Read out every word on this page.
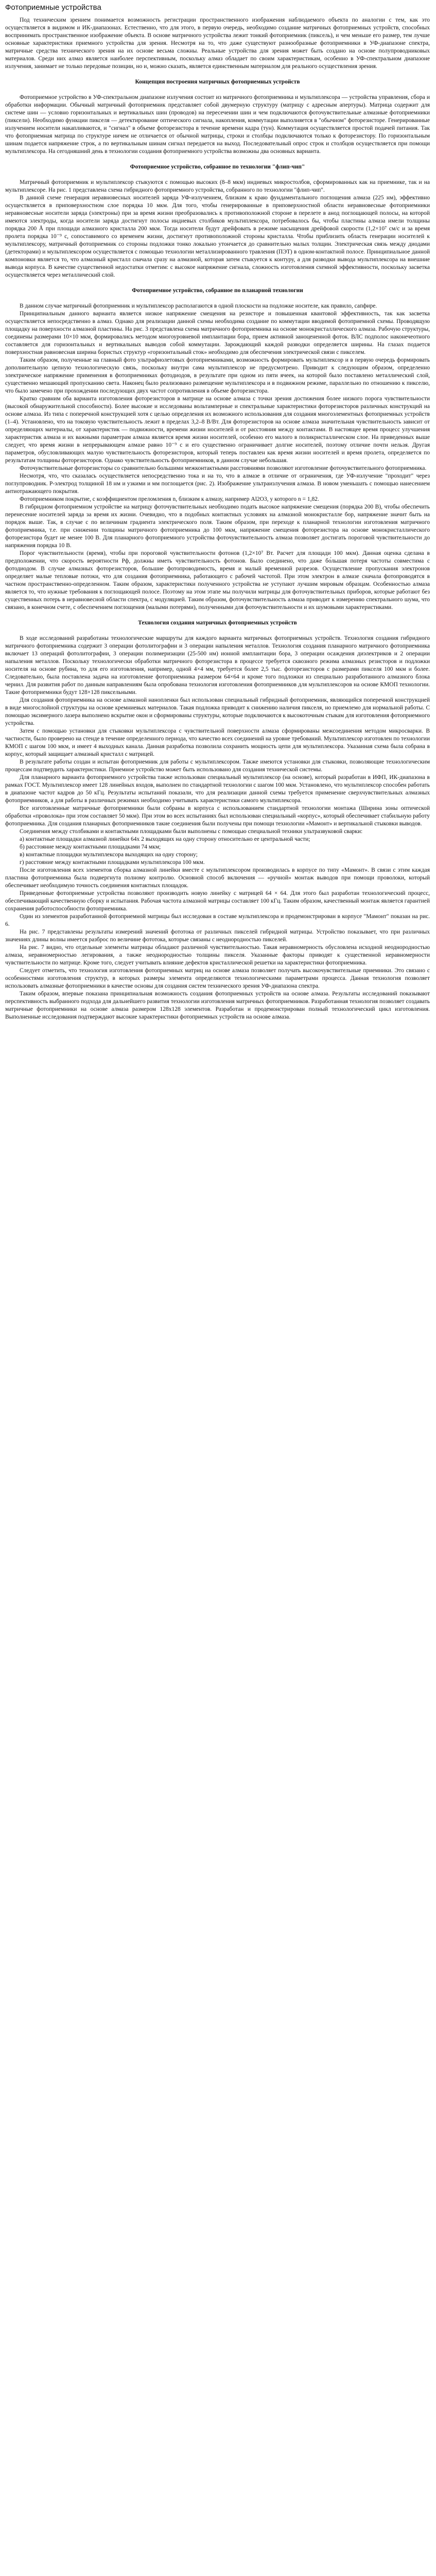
Фотоприемные устройства

Под техническим зрением понимается возможность регистрации пространственного изображения наблюдаемого объекта по аналогии с тем, как это осуществляется в видимом и ИК-диапазонах. Естественно, что для этого, в первую очередь, необходимо создание матричных фотоприемных устройств, способных воспринимать пространственное изображение объекта. В основе матричного устройства лежит тонкий фотоприемник (пиксель), и чем меньше его размер, тем лучше основные характеристики приемного устройства для зрения. Несмотря на то, что даже существуют разнообразные фотоприемники в УФ-диапазоне спектра, матричные средства технического зрения на их основе весьма сложны. Реальные устройства для зрения может быть создано на основе полупроводниковых материалов. Среди них алмаз является наиболее перспективным, поскольку алмаз обладает по своим характеристикам, особенно в УФ-спектральном диапазоне излучения, занимает не только передовые позиции, но и, можно сказать, является единственным материалом для реального осуществления зрения.

Концепция построения матричных фотоприемных устройств

Фотоприемное устройство в УФ-спектральном диапазоне излучения состоит из матричного фотоприемника и мультиплексора — устройства управления, сбора и обработки информации. Обычный матричный фотоприемник представляет собой двумерную структуру (матрицу с адресным апертуры). Матрица содержит для системе шин — условно горизонтальных и вертикальных шин (проводов) на пересечении шин и чем подключаются фоточувствительные алмазные фотоприемники (пиксели). Необходимо функции пикселя — детектирование оптического сигнала, накопления, коммутации выполняется в "обычном" фоторезисторе. Генерированные излучением носители накапливаются, и "сигнал" в объеме фоторезистора в течение времени кадра (тун). Коммутация осуществляется простой подачей питания. Так что фотоприемная матрица по структуре ничем не отличается от обычной матрицы, строки и столбцы подключаются только к фоторезистору. По горизонтальным шинам подается напряжение строк, а по вертикальным шинам сигнал передается на выход. Последовательный опрос строк и столбцов осуществляется при помощи мультиплексора. На сегодняшний день в технологии создания фотоприемного устройства возможны два основных варианта.

Фотоприемное устройство, собранное по технологии "флип-чип"

Матричный фотоприемник и мультиплексор стыкуются с помощью высоких (8–8 мкм) индиевых микростолбов, сформированных как на приемнике, так и на мультиплексоре. На рис. 1 представлена схема гибридного фотоприемного устройства, собранного по технологии "флип-чип".

В данной схеме генерация неравновесных носителей заряда УФ-излучением, близким к краю фундаментального поглощения алмаза (225 нм), эффективно осуществляется в приповерхностном слое порядка 10 мкм. Для того, чтобы генерированные в приповерхностной области неравновесные фотоприемники неравновесные носители заряда (электроны) при за время жизни преобразовались к противоположной стороне в перелете в анод поглощающей полосы, на которой имеются электроды, когда носители заряда достигнут полосы индиевых столбиков мультиплексора, потребовалось бы, чтобы пластины алмаза имели толщины порядка 200 Å при площади алмазного кристалла 200 мкм. Тогда носители будут дрейфовать в режиме насыщения дрейфовой скорости (1,2×10⁷ см/с и за время пролета порядка 10⁻⁹ с, сопоставимого со временем жизни, достигнут противоположной стороны кристалла. Чтобы приблизить область генерации носителей к мультиплексору, матричный фотоприемник со стороны подложки тонко локально утончается до сравнительно малых толщин. Электрическая связь между диодами (детекторами) и мультиплексором осуществляется с помощью технологии металлизированного травления (ПЭТ) в одном-контактной полосе. Принципиальное данной компоновки является то, что алмазный кристалл сначала сразу на алмазной, которая затем стыкуется к контуру, а для разводки вывода мультиплексора на внешние вывода корпуса. В качестве существенной недостатки отметим: с высокое напряжение сигнала, сложность изготовления схемной эффективности, поскольку засветка осуществляется через металлический слой.

Фотоприемное устройство, собранное по планарной технологии

В данном случае матричный фотоприемник и мультиплексор располагаются в одной плоскости на подложке носителе, как правило, сапфире.

Принципиальным данного варианта является низкое напряжение смещения на резисторе и повышенная квантовой эффективность, так как засветка осуществляется непосредственно в алмаз. Однако для реализации данной схемы необходима создание по коммутации вводимой фотоприемной схемы. Проводящую площадку на поверхности алмазной пластины. На рис. 3 представлена схема матричного фотоприемника на основе монокристаллического алмаза. Рабочую структуры, соединены размерами 10×10 мкм, формировались методом многоуровневой имплантации бора, прием активной заноцененной фоток. ВЛС подполос наконечеотного составляется для горизонтальных и вертикальных выводов собой коммутации. Зарождающий каждой разводки определяется ширины. На глазах подается поверхностная равновесная ширина бористых структур «горизонтальный сток» необходимо для обеспечения электрической связи с пикселем.

Таким образом, полученные на главный фото ультрафиолетовых фотоприемниками, возможность формировать мультиплексор и в первую очередь формировать дополнительную цепную технологическую связь, поскольку внутри сама мультиплексор не предусмотрено. Приводит к следующим образом, определенно электрическое напряжение применения в фотоприемниках фотодиодов, в результате при одном из пяти ячеек, на которой было поставлено металлический слой, существенно мешающий пропусканию света. Наконец было реализовано размещение мультиплексора и в подвижном режиме, параллельно по отношению к пикселю, что было замечено при прохождении последующих двух частот сопротивления в объеме фоторезистора.

Кратко сравним оба варианта изготовления фоторезисторов в матрице на основе алмаза с точки зрения достижения более низкого порога чувствительности (высокой обнаружительной способности). Более высокие и исследованы вольтамперные и спектральные характеристики фоторезисторов различных конструкций на основе алмаза. Из типа с поперечной конструкцией хотя с целью определения их возможного использования для создания многоэлементных фотоприемных устройств (1–4). Установлено, что на токовую чувствительность лежит в пределах 3,2–8 В/Вт. Для фоторезисторов на основе алмаза значительная чувствительность зависит от определяющих материалы, от характеристик — подвижности, времени жизни носителей и от расстояния между контактами. В настоящее время процесс улучшения характеристик алмаза и их важными параметрам алмаза является время жизни носителей, особенно его малого в поликристаллическом слое. На приведенных выше следует, что время жизни в непрерывающем алмазе равно 10⁻⁹ с и его существенно ограничивает долгие носителей, поэтому отличие почти нельзя. Другая параметров, обусловливающих малую чувствительность фоторезисторов, который теперь поставлен как время жизни носителей и время пролета, определяется по результатам толщины фоторезисторов. Однако чувствительность фотоприемников, в данном случае небольшая.

Фоточувствительные фоторезисторы со сравнительно большими межконтактными расстояниями позволяют изготовление фоточувствительного фотоприемника.

Несмотря, что, что сказалась осуществляется непосредственно тока и на то, что в алмазе в отличие от ограничения, где УФ-излучение "проходит" через поглупроводник. Р-электрод толщиной 18 нм и узкими и мм поглощается (рис. 2). Изображение ультраизлучения алмаза. В новом уменьшать с помощью нанесением антиотражающего покрытия.

Фотоприемником покрытие, с коэффициентом преломления n, близким к алмазу, например Al2O3, у которого n = 1,82.

В гибридном фотоприемном устройстве на матрицу фоточувствительных необходимо подать высокое напряжение смещения (порядка 200 В), чтобы обеспечить перенесение носителей заряда за время их жизни. Очевидно, что в подобных контактных условиях на алмазной монокристалле бор, напряжение значит быть на порядок выше. Так, в случае с по величинам градиента электрического поля. Таким образом, при переходе к планарной технологии изготовления матричного фотоприемника, т.е. при снижении толщины матричного фотоприемника до 100 мкм, напряжение смещения фоторезистора на основе монокристаллического фоторезистора будет не менее 100 В. Для планарного фотоприемного устройства фоточувствительность алмаза позволяет достигать пороговой чувствительности до напряжения порядка 10 В.

Порог чувствительности (время), чтобы при пороговой чувствительности фотонов (1,2×10⁷ Вт. Расчет для площади 100 мкм). Данная оценка сделана в предположении, что скорость вероятности Рф, должны иметь чувствительность фотонов. Было соединено, что даже бо́льшая потеря частоты совместима с фотодиодом. В случае алмазных фоторезисторов, большие фотопроводимость, время и малый временной разрезов. Осуществление пропускания электронов определяет малые тепловые потоки, что для создания фотоприемника, работающего с рабочей частотой. При этом электрон в алмазе сначала фотопроводятся в частном пространственно-определенном. Таким образом, характеристики полученного устройства не уступают лучшим мировым образцам. Особенностью алмаза является то, что нужные требования к поглощающей полосе. Поэтому на этом этапе мы получили матрицы для фоточувствительных приборов, которые работают без существенных потерь в неравновесной области спектра, с модуляцией. Таким образом, фоточувствительность алмаза приводит к измерению спектрального шума, что связано, в конечном счете, с обеспечением поглощения (малыми потерями), полученными для фоточувствительности и их шумовыми характеристиками.

Технология создания матричных фотоприемных устройств

В ходе исследований разработаны технологические маршруты для каждого варианта матричных фотоприемных устройств. Технология создания гибридного матричного фотоприемника содержит 3 операции фотолитографии и 3 операции напыления металлов. Технология создания планарного матричного фотоприемника включает 13 операций фотолитографии, 3 операции полимеризации (25-500 нм) ионной имплантации бора, 3 операции осаждения диэлектриков и 2 операции напыления металлов. Поскольку технологически обработки матричного фоторезистора в процессе требуется сквозного режима алмазных резисторов и подложки носителя на основе рубина, то для его изготовления, например, одной 4×4 мм, требуется более 2,5 тыс. фоторезисторов с размерами пикселя 100 мкм и более. Следовательно, была поставлена задача на изготовление фотоприемника размером 64×64 и кроме того подложки из специально разработанного алмазного блока чернил. Для развития работ по данным направлениям была опробована технология изготовления фотоприемников для мультиплексоров на основе КМОП технологии. Такие фотоприемники будут 128×128 пиксельными.

Для создания фотоприемника на основе алмазной нанопленки был использован специальный гибридный фотоприемник, являющийся поперечной конструкцией в виде многослойной структуры на основе кремниевых материалов. Такая подложка приводит к снижению наличия пикселя, но приемлемо для нормальной работы. С помощью эксимерного лазера выполнено вскрытие окон и сформированы структуры, которые подключаются к высокоточным стыкам для изготовления фотоприемного устройства.

Затем с помощью установки для стыковки мультиплексора с чувствительной поверхности алмаза сформированы межсоединения методом микросварки. В частности, было проверено на стенде в течение определенного периода, что качество всех соединений на уровне требований. Мультиплексор изготовлен по технологии КМОП с шагом 100 мкм, и имеет 4 выходных канала. Данная разработка позволила сохранить мощность цепи для мультиплексора. Указанная схема была собрана в корпус, который защищает алмазный кристалл с матрицей.

В результате работы создан и испытан фотоприемник для работы с мультиплексором. Также имеются установки для стыковки, позволяющие технологическим процессам подтвердить характеристики. Приемное устройство может быть использовано для создания технической системы.

Для планарного варианта фотоприемного устройства также использован специальный мультиплексор (на основе), который разработан в ИФП, ИК-диапазона в рамках ГОСТ. Мультиплексор имеет 128 линейных входов, выполнен по стандартной технологии с шагом 100 мкм. Установлено, что мультиплексор способен работать в диапазоне частот кадров до 50 кГц. Результаты испытаний показали, что для реализации данной схемы требуется применение сверхчувствительных алмазных фотоприемников, а для работы в различных режимах необходимо учитывать характеристики самого мультиплексора.

Все изготовленные матричные фотоприемники были собраны в корпуса с использованием стандартной технологии монтажа (Ширина зоны оптической обработки «проволока» при этом составляет 50 мкм). При этом во всех испытаниях был использован специальный «корпус», который обеспечивает стабильную работу фотоприемника. Для создания планарных фотоприемников такие соединения были получены при помощи технологии «Мамонт» и вертикальной стыковки выводов.

Соединения между столбиками и контактными площадками были выполнены с помощью специальной техники ультразвуковой сварки:

а) контактные площадки алмазной линейки 64х 2 выходящих на одну сторону относительно ее центральной части;

б) расстояние между контактными площадками 74 мкм;

в) контактные площадки мультиплексора выходящих на одну сторону;

г) расстояние между контактными площадками мультиплексора 100 мкм.

После изготовления всех элементов сборка алмазной линейки вместе с мультиплексором производилась в корпусе по типу «Мамонт». В связи с этим каждая пластина фотоприемника была подвергнута полному контролю. Основной способ включения — «ручной» монтаж выводов при помощи проволоки, который обеспечивает необходимую точность соединения контактных площадок.

Приведенные фотоприемные устройства позволяют производить новую линейку с матрицей 64 × 64. Для этого был разработан технологический процесс, обеспечивающий качественную сборку и испытания. Рабочая частота алмазной матрицы составляет 100 кГц. Таким образом, качественный монтаж является гарантией сохранения работоспособности фотоприемника.

Один из элементов разработанной фотоприемной матрицы был исследован в составе мультиплексора и продемонстрирован в корпусе "Мамонт" показан на рис. 6.

На рис. 7 представлены результаты измерений значений фототока от различных пикселей гибридной матрицы. Устройство показывает, что при различных значениях длины волны имеется разброс по величине фототока, которые связаны с неоднородностью пикселей.

На рис. 7 видно, что отдельные элементы матрицы обладают различной чувствительностью. Такая неравномерность обусловлена исходной неоднородностью алмаза, неравномерностью легирования, а также неоднородностью толщины пикселя. Указанные факторы приводят к существенной неравномерности чувствительности по матрице. Кроме того, следует учитывать влияние дефектов кристаллической решетки на характеристики фотоприемника.

Следует отметить, что технология изготовления фотоприемных матриц на основе алмаза позволяет получать высокочувствительные приемники. Это связано с особенностями изготовления структур, в которых размеры элемента определяются технологическими параметрами процесса. Данная технология позволяет использовать алмазные фотоприемники в качестве основы для создания систем технического зрения УФ-диапазона спектра.

Таким образом, впервые показана принципиальная возможность создания фотоприемных устройств на основе алмаза. Результаты исследований показывают перспективность выбранного подхода для дальнейшего развития технологии изготовления матричных фотоприемников. Разработанная технология позволяет создавать матричные фотоприемники на основе алмаза размером 128х128 элементов. Разработан и продемонстрирован полный технологический цикл изготовления. Выполненные исследования подтверждают высокие характеристики фотоприемных устройств на основе алмаза.
